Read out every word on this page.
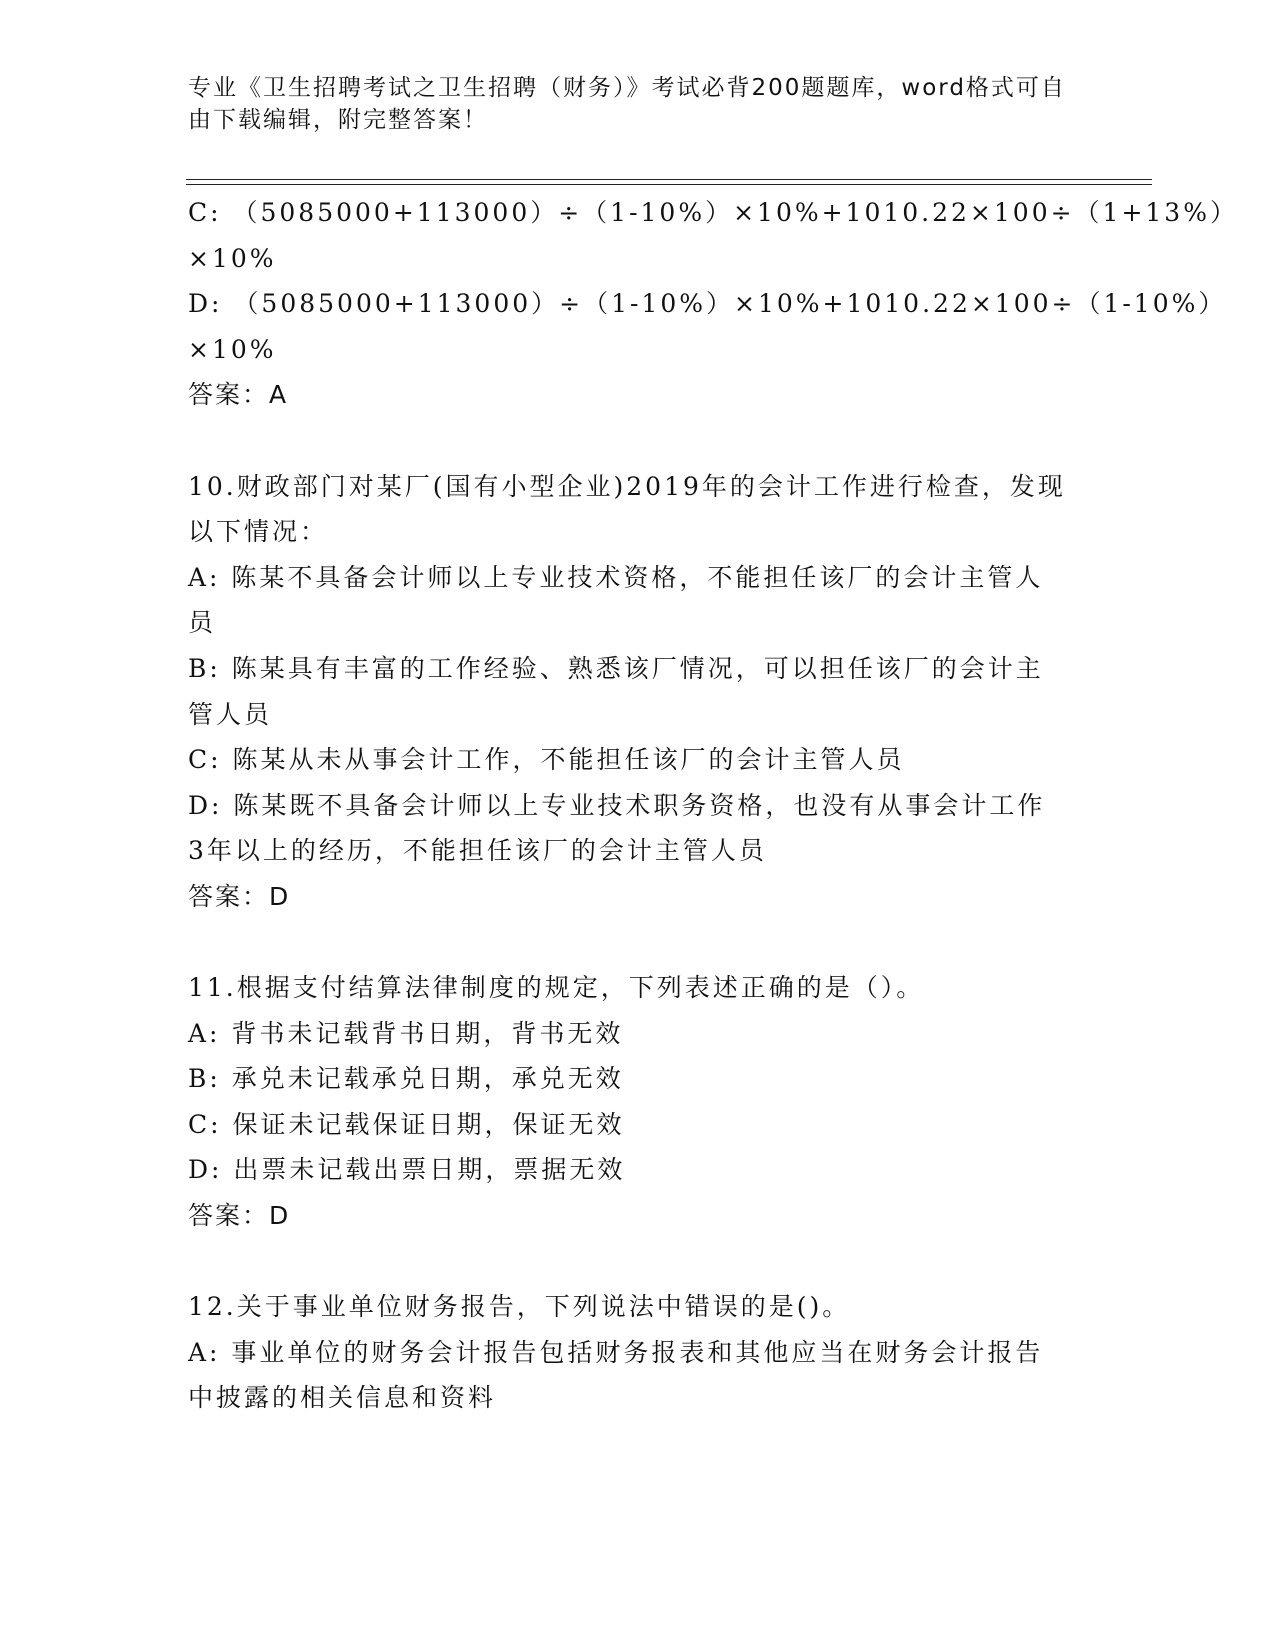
专业《卫生招聘考试之卫生招聘（财务）》考试必背200题题库，word格式可自
由下载编辑，附完整答案！
C: （5085000+113000）÷（1-10%）×10%+1010.22×100÷（1+13%）
×10%
D: （5085000+113000）÷（1-10%）×10%+1010.22×100÷（1-10%）
×10%
答案：A
10.财政部门对某厂(国有小型企业)2019年的会计工作进行检查，发现
以下情况：
A: 陈某不具备会计师以上专业技术资格，不能担任该厂的会计主管人
员
B: 陈某具有丰富的工作经验、熟悉该厂情况，可以担任该厂的会计主
管人员
C: 陈某从未从事会计工作，不能担任该厂的会计主管人员
D: 陈某既不具备会计师以上专业技术职务资格，也没有从事会计工作
3年以上的经历，不能担任该厂的会计主管人员
答案：D
11.根据支付结算法律制度的规定，下列表述正确的是（）。
A: 背书未记载背书日期，背书无效
B: 承兑未记载承兑日期，承兑无效
C: 保证未记载保证日期，保证无效
D: 出票未记载出票日期，票据无效
答案：D
12.关于事业单位财务报告，下列说法中错误的是()。
A: 事业单位的财务会计报告包括财务报表和其他应当在财务会计报告
中披露的相关信息和资料
